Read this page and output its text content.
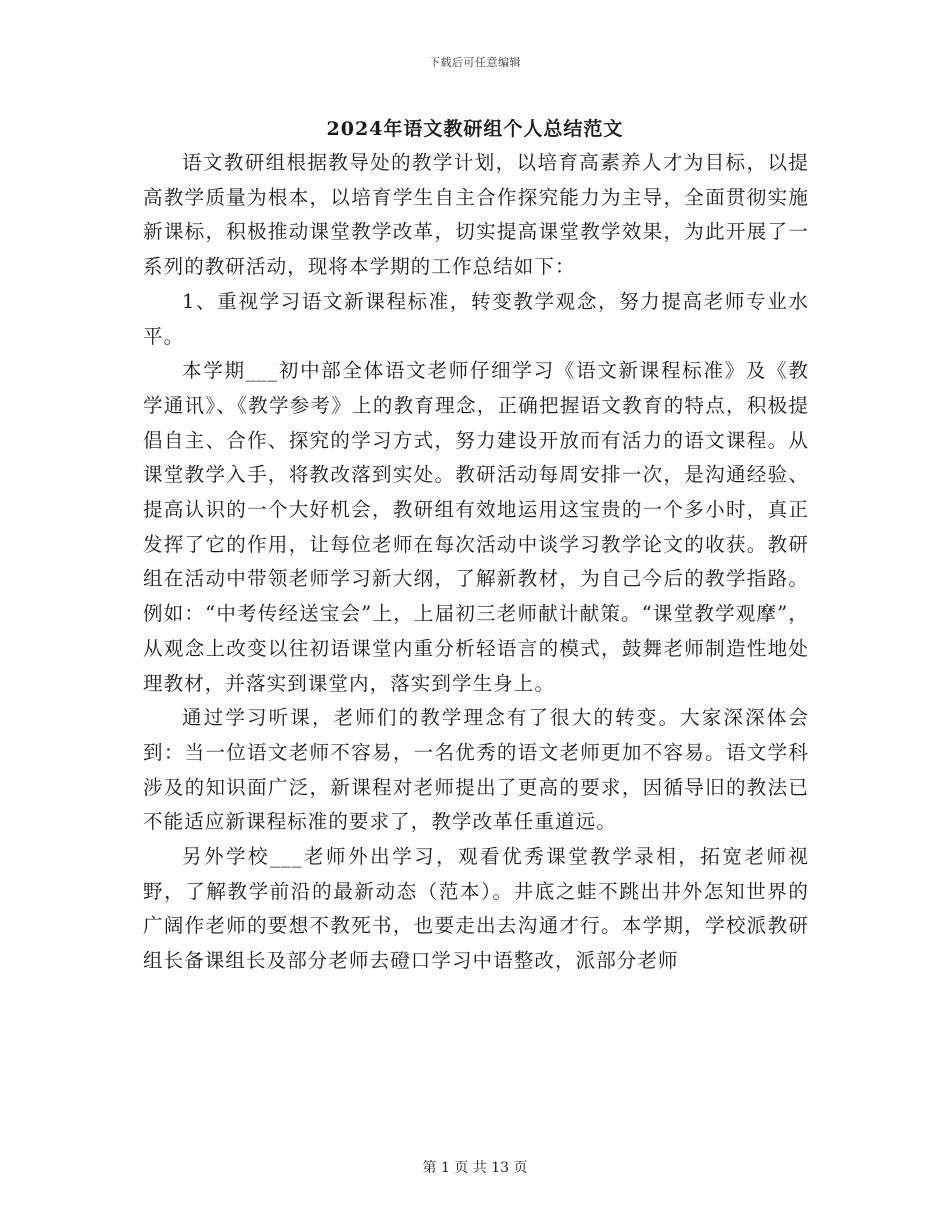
下载后可任意编辑
2024年语文教研组个人总结范文

语文教研组根据教导处的教学计划，以培育高素养人才为目标，以提高教学质量为根本，以培育学生自主合作探究能力为主导，全面贯彻实施新课标，积极推动课堂教学改革，切实提高课堂教学效果，为此开展了一系列的教研活动，现将本学期的工作总结如下：

1、重视学习语文新课程标准，转变教学观念，努力提高老师专业水平。

本学期___初中部全体语文老师仔细学习《语文新课程标准》及《教学通讯》、《教学参考》上的教育理念，正确把握语文教育的特点，积极提倡自主、合作、探究的学习方式，努力建设开放而有活力的语文课程。从课堂教学入手，将教改落到实处。教研活动每周安排一次，是沟通经验、提高认识的一个大好机会，教研组有效地运用这宝贵的一个多小时，真正发挥了它的作用，让每位老师在每次活动中谈学习教学论文的收获。教研组在活动中带领老师学习新大纲，了解新教材，为自己今后的教学指路。例如：“中考传经送宝会”上，上届初三老师献计献策。“课堂教学观摩”，从观念上改变以往初语课堂内重分析轻语言的模式，鼓舞老师制造性地处理教材，并落实到课堂内，落实到学生身上。

通过学习听课，老师们的教学理念有了很大的转变。大家深深体会到：当一位语文老师不容易，一名优秀的语文老师更加不容易。语文学科涉及的知识面广泛，新课程对老师提出了更高的要求，因循导旧的教法已不能适应新课程标准的要求了，教学改革任重道远。

另外学校___老师外出学习，观看优秀课堂教学录相，拓宽老师视野，了解教学前沿的最新动态（范本）。井底之蛙不跳出井外怎知世界的广阔作老师的要想不教死书，也要走出去沟通才行。本学期，学校派教研组长备课组长及部分老师去磴口学习中语整改，派部分老师

第 1 页 共 13 页
